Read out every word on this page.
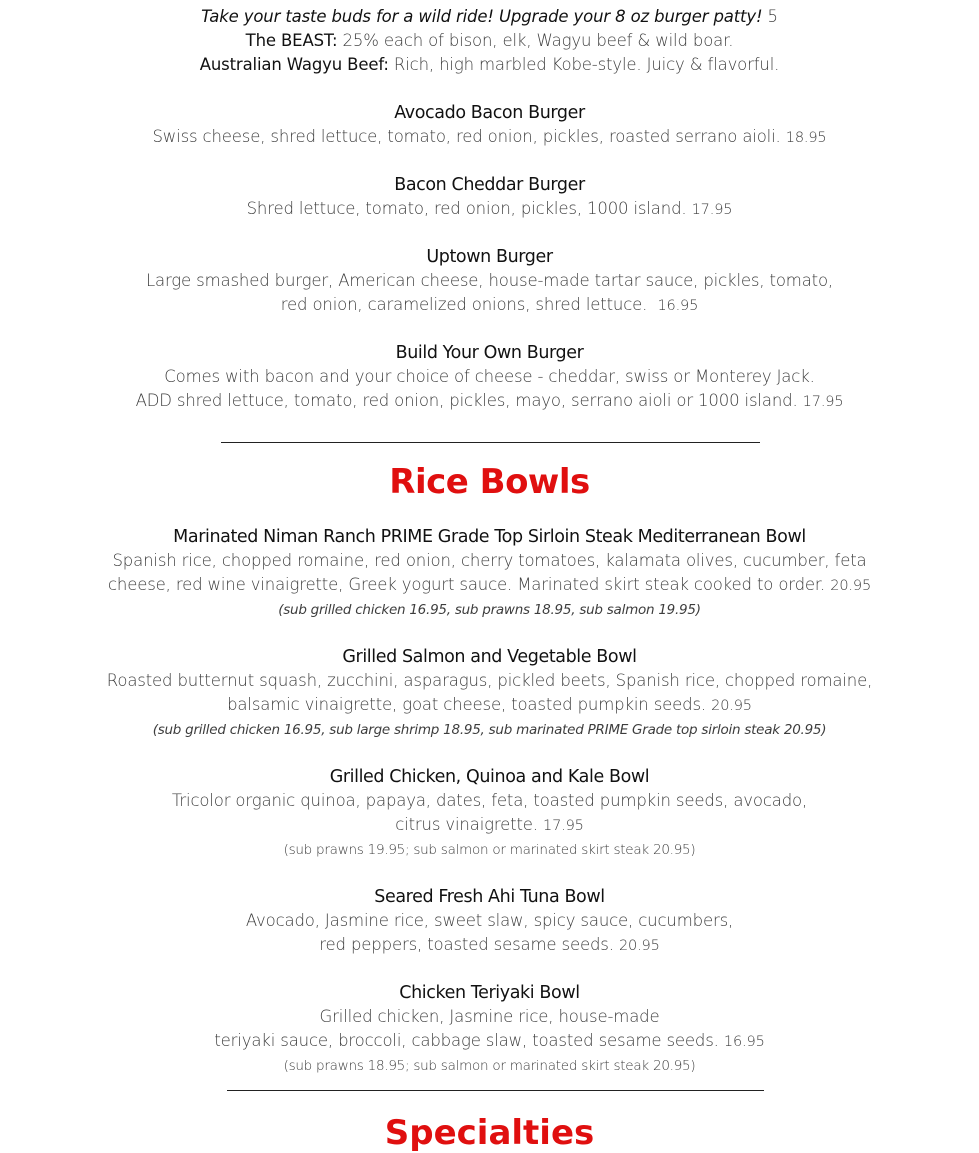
Take your taste buds for a wild ride! Upgrade your 8 oz burger patty! 5
The BEAST: 25% each of bison, elk, Wagyu beef & wild boar.
Australian Wagyu Beef: Rich, high marbled Kobe-style. Juicy & flavorful.
Avocado Bacon Burger
Swiss cheese, shred lettuce, tomato, red onion, pickles, roasted serrano aioli. 18.95
Bacon Cheddar Burger
Shred lettuce, tomato, red onion, pickles, 1000 island. 17.95
Uptown Burger
Large smashed burger, American cheese, house-made tartar sauce, pickles, tomato,
red onion, caramelized onions, shred lettuce. 16.95
Build Your Own Burger
Comes with bacon and your choice of cheese - cheddar, swiss or Monterey Jack.
ADD shred lettuce, tomato, red onion, pickles, mayo, serrano aioli or 1000 island. 17.95
Rice Bowls
Marinated Niman Ranch PRIME Grade Top Sirloin Steak Mediterranean Bowl
Spanish rice, chopped romaine, red onion, cherry tomatoes, kalamata olives, cucumber, feta
cheese, red wine vinaigrette, Greek yogurt sauce. Marinated skirt steak cooked to order. 20.95
(sub grilled chicken 16.95, sub prawns 18.95, sub salmon 19.95)
Grilled Salmon and Vegetable Bowl
Roasted butternut squash, zucchini, asparagus, pickled beets, Spanish rice, chopped romaine,
balsamic vinaigrette, goat cheese, toasted pumpkin seeds. 20.95
(sub grilled chicken 16.95, sub large shrimp 18.95, sub marinated PRIME Grade top sirloin steak 20.95)
Grilled Chicken, Quinoa and Kale Bowl
Tricolor organic quinoa, papaya, dates, feta, toasted pumpkin seeds, avocado,
citrus vinaigrette. 17.95
(sub prawns 19.95; sub salmon or marinated skirt steak 20.95)
Seared Fresh Ahi Tuna Bowl
Avocado, Jasmine rice, sweet slaw, spicy sauce, cucumbers,
red peppers, toasted sesame seeds. 20.95
Chicken Teriyaki Bowl
Grilled chicken, Jasmine rice, house-made
teriyaki sauce, broccoli, cabbage slaw, toasted sesame seeds. 16.95
(sub prawns 18.95; sub salmon or marinated skirt steak 20.95)
Specialties
